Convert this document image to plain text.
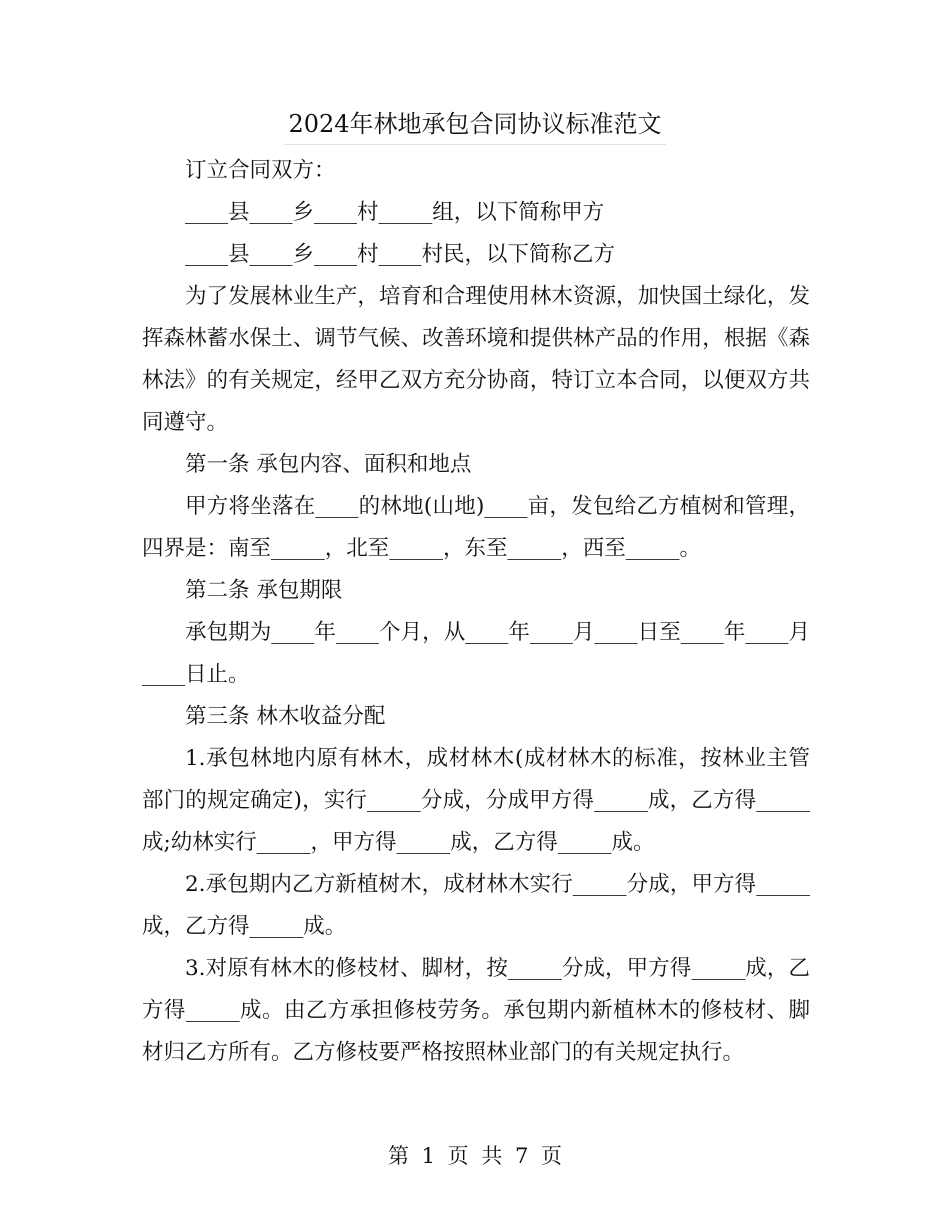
2024年林地承包合同协议标准范文

订立合同双方：

____县____乡____村_____组，以下简称甲方

____县____乡____村____村民，以下简称乙方

为了发展林业生产，培育和合理使用林木资源，加快国土绿化，发挥森林蓄水保土、调节气候、改善环境和提供林产品的作用，根据《森林法》的有关规定，经甲乙双方充分协商，特订立本合同，以便双方共同遵守。

第一条 承包内容、面积和地点

甲方将坐落在____的林地(山地)____亩，发包给乙方植树和管理，四界是：南至_____，北至_____，东至_____，西至_____。

第二条 承包期限

承包期为____年____个月，从____年____月____日至____年____月____日止。

第三条 林木收益分配

1.承包林地内原有林木，成材林木(成材林木的标准，按林业主管部门的规定确定)，实行_____分成，分成甲方得_____成，乙方得_____成;幼林实行_____，甲方得_____成，乙方得_____成。

2.承包期内乙方新植树木，成材林木实行_____分成，甲方得_____成，乙方得_____成。

3.对原有林木的修枝材、脚材，按_____分成，甲方得_____成，乙方得_____成。由乙方承担修枝劳务。承包期内新植林木的修枝材、脚材归乙方所有。乙方修枝要严格按照林业部门的有关规定执行。

第 1 页 共 7 页
